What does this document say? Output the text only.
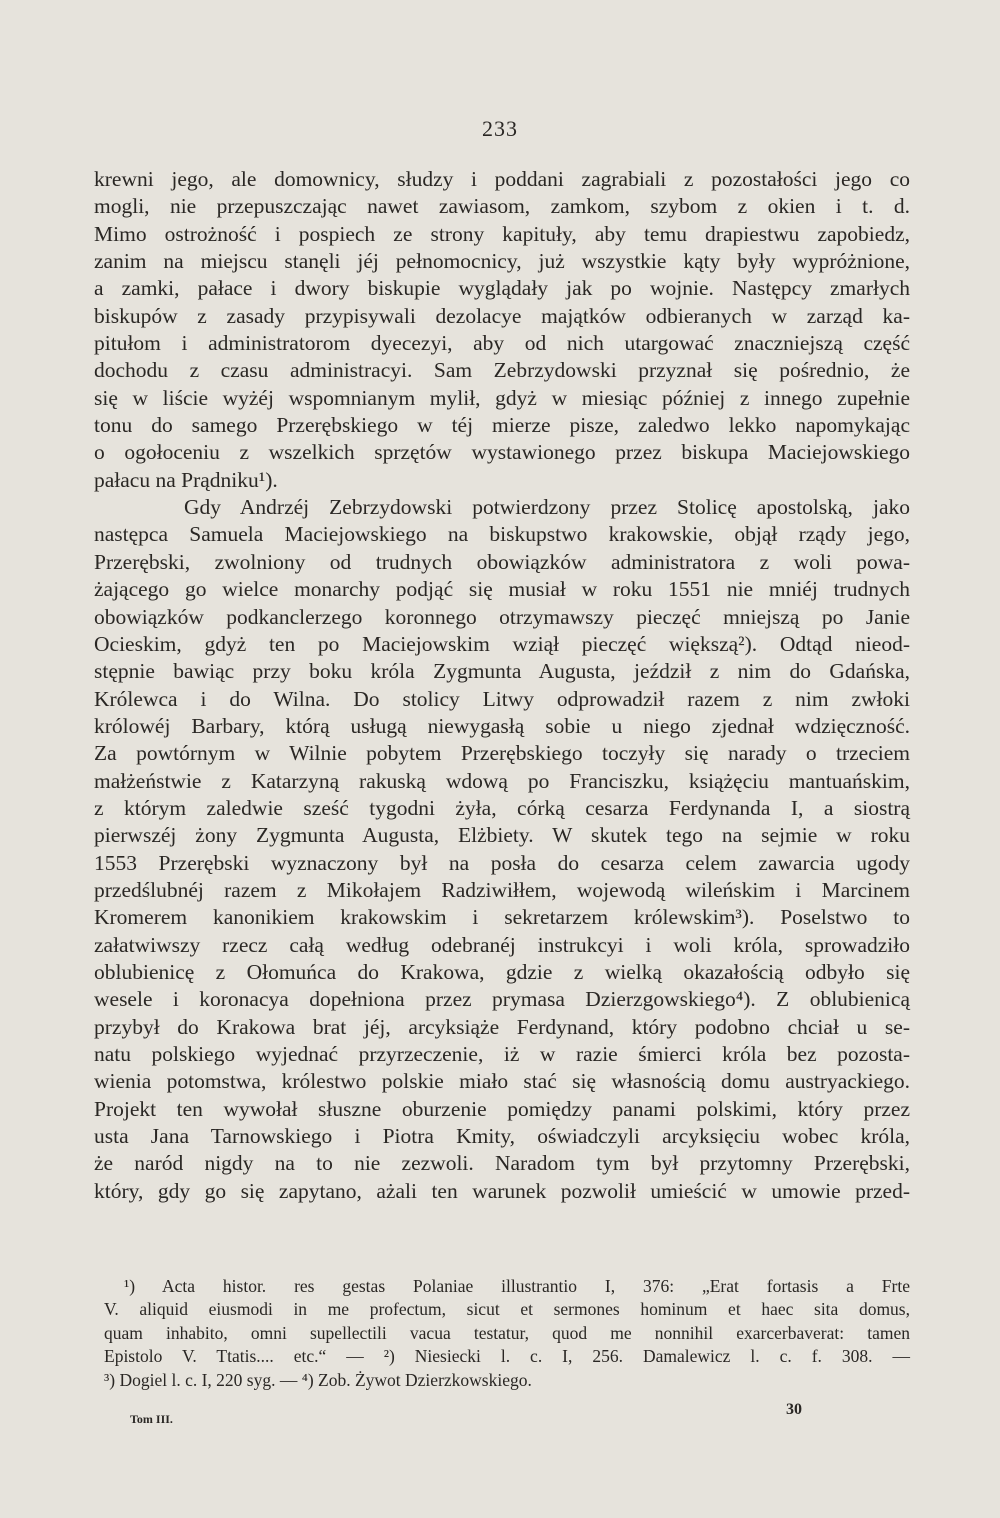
233
krewni jego, ale domownicy, słudzy i poddani zagrabiali z pozostałości jego co
mogli, nie przepuszczając nawet zawiasom, zamkom, szybom z okien i t. d.
Mimo ostrożność i pospiech ze strony kapituły, aby temu drapiestwu zapobiedz,
zanim na miejscu stanęli jéj pełnomocnicy, już wszystkie kąty były wypróżnione,
a zamki, pałace i dwory biskupie wyglądały jak po wojnie. Następcy zmarłych
biskupów z zasady przypisywali dezolacye majątków odbieranych w zarząd ka-
pitułom i administratorom dyecezyi, aby od nich utargować znaczniejszą część
dochodu z czasu administracyi. Sam Zebrzydowski przyznał się pośrednio, że
się w liście wyżéj wspomnianym mylił, gdyż w miesiąc później z innego zupełnie
tonu do samego Przerębskiego w téj mierze pisze, zaledwo lekko napomykając
o ogołoceniu z wszelkich sprzętów wystawionego przez biskupa Maciejowskiego
pałacu na Prądniku¹).
Gdy Andrzéj Zebrzydowski potwierdzony przez Stolicę apostolską, jako
następca Samuela Maciejowskiego na biskupstwo krakowskie, objął rządy jego,
Przerębski, zwolniony od trudnych obowiązków administratora z woli powa-
żającego go wielce monarchy podjąć się musiał w roku 1551 nie mniéj trudnych
obowiązków podkanclerzego koronnego otrzymawszy pieczęć mniejszą po Janie
Ocieskim, gdyż ten po Maciejowskim wziął pieczęć większą²). Odtąd nieod-
stępnie bawiąc przy boku króla Zygmunta Augusta, jeździł z nim do Gdańska,
Królewca i do Wilna. Do stolicy Litwy odprowadził razem z nim zwłoki
królowéj Barbary, którą usługą niewygasłą sobie u niego zjednał wdzięczność.
Za powtórnym w Wilnie pobytem Przerębskiego toczyły się narady o trzeciem
małżeństwie z Katarzyną rakuską wdową po Franciszku, książęciu mantuańskim,
z którym zaledwie sześć tygodni żyła, córką cesarza Ferdynanda I, a siostrą
pierwszéj żony Zygmunta Augusta, Elżbiety. W skutek tego na sejmie w roku
1553 Przerębski wyznaczony był na posła do cesarza celem zawarcia ugody
przedślubnéj razem z Mikołajem Radziwiłłem, wojewodą wileńskim i Marcinem
Kromerem kanonikiem krakowskim i sekretarzem królewskim³). Poselstwo to
załatwiwszy rzecz całą według odebranéj instrukcyi i woli króla, sprowadziło
oblubienicę z Ołomuńca do Krakowa, gdzie z wielką okazałością odbyło się
wesele i koronacya dopełniona przez prymasa Dzierzgowskiego⁴). Z oblubienicą
przybył do Krakowa brat jéj, arcyksiąże Ferdynand, który podobno chciał u se-
natu polskiego wyjednać przyrzeczenie, iż w razie śmierci króla bez pozosta-
wienia potomstwa, królestwo polskie miało stać się własnością domu austryackiego.
Projekt ten wywołał słuszne oburzenie pomiędzy panami polskimi, który przez
usta Jana Tarnowskiego i Piotra Kmity, oświadczyli arcyksięciu wobec króla,
że naród nigdy na to nie zezwoli. Naradom tym był przytomny Przerębski,
który, gdy go się zapytano, ażali ten warunek pozwolił umieścić w umowie przed-
¹) Acta histor. res gestas Polaniae illustrantio I, 376: „Erat fortasis a Frte
V. aliquid eiusmodi in me profectum, sicut et sermones hominum et haec sita domus,
quam inhabito, omni supellectili vacua testatur, quod me nonnihil exarcerbaverat: tamen
Epistolo V. Ttatis.... etc.“ — ²) Niesiecki l. c. I, 256. Damalewicz l. c. f. 308. —
³) Dogiel l. c. I, 220 syg. — ⁴) Zob. Żywot Dzierzkowskiego.
Tom III.
30
